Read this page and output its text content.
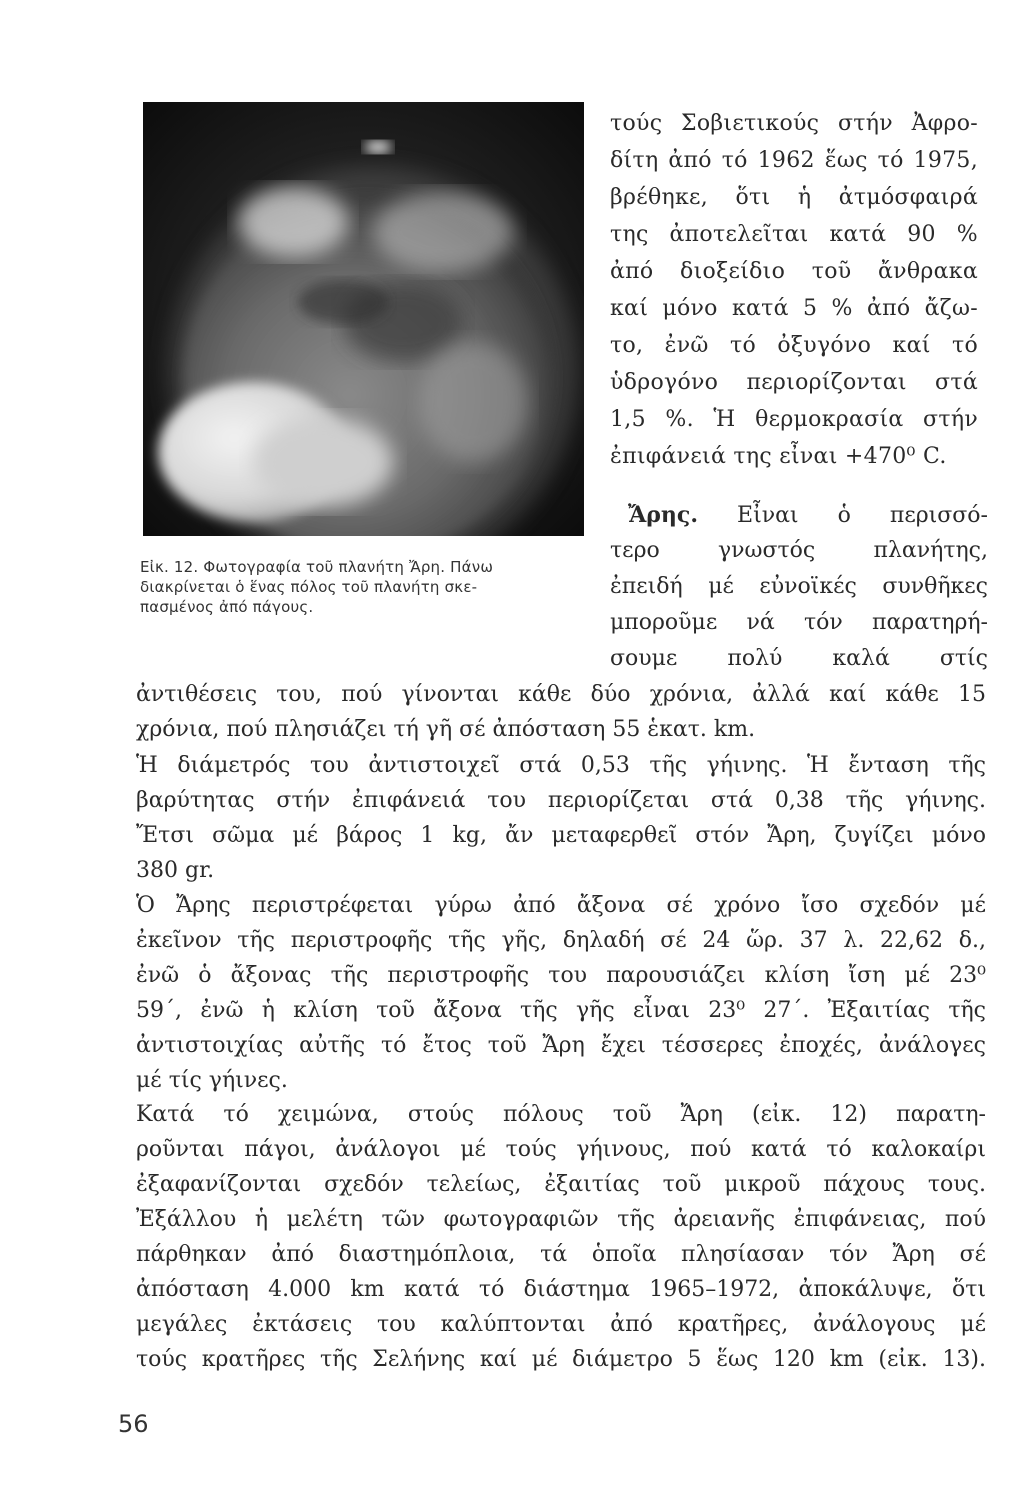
Εἰκ. 12. Φωτογραφία τοῦ πλανήτη Ἄρη. Πάνω
διακρίνεται ὁ ἕνας πόλος τοῦ πλανήτη σκε-
πασμένος ἀπό πάγους.
τούς Σοβιετικούς στήν Ἀφρο-
δίτη ἀπό τό 1962 ἕως τό 1975,
βρέθηκε, ὅτι ἡ ἀτμόσφαιρά
της ἀποτελεῖται κατά 90 %
ἀπό διοξείδιο τοῦ ἄνθρακα
καί μόνο κατά 5 % ἀπό ἄζω-
το, ἐνῶ τό ὀξυγόνο καί τό
ὑδρογόνο περιορίζονται στά
1,5 %. Ἡ θερμοκρασία στήν
ἐπιφάνειά της εἶναι +470⁰ C.
Ἄρης. Εἶναι ὁ περισσό-
τερο γνωστός πλανήτης,
ἐπειδή μέ εὐνοϊκές συνθῆκες
μποροῦμε νά τόν παρατηρή-
σουμε πολύ καλά στίς
ἀντιθέσεις του, πού γίνονται κάθε δύο χρόνια, ἀλλά καί κάθε 15
χρόνια, πού πλησιάζει τή γῆ σέ ἀπόσταση 55 ἑκατ. km.
Ἡ διάμετρός του ἀντιστοιχεῖ στά 0,53 τῆς γήινης. Ἡ ἔνταση τῆς
βαρύτητας στήν ἐπιφάνειά του περιορίζεται στά 0,38 τῆς γήινης.
Ἔτσι σῶμα μέ βάρος 1 kg, ἄν μεταφερθεῖ στόν Ἄρη, ζυγίζει μόνο
380 gr.
Ὁ Ἄρης περιστρέφεται γύρω ἀπό ἄξονα σέ χρόνο ἴσο σχεδόν μέ
ἐκεῖνον τῆς περιστροφῆς τῆς γῆς, δηλαδή σέ 24 ὥρ. 37 λ. 22,62 δ.,
ἐνῶ ὁ ἄξονας τῆς περιστροφῆς του παρουσιάζει κλίση ἴση μέ 23⁰
59΄, ἐνῶ ἡ κλίση τοῦ ἄξονα τῆς γῆς εἶναι 23⁰ 27΄. Ἐξαιτίας τῆς
ἀντιστοιχίας αὐτῆς τό ἔτος τοῦ Ἄρη ἔχει τέσσερες ἐποχές, ἀνάλογες
μέ τίς γήινες.
Κατά τό χειμώνα, στούς πόλους τοῦ Ἄρη (εἰκ. 12) παρατη-
ροῦνται πάγοι, ἀνάλογοι μέ τούς γήινους, πού κατά τό καλοκαίρι
ἐξαφανίζονται σχεδόν τελείως, ἐξαιτίας τοῦ μικροῦ πάχους τους.
Ἐξάλλου ἡ μελέτη τῶν φωτογραφιῶν τῆς ἀρειανῆς ἐπιφάνειας, πού
πάρθηκαν ἀπό διαστημόπλοια, τά ὁποῖα πλησίασαν τόν Ἄρη σέ
ἀπόσταση 4.000 km κατά τό διάστημα 1965–1972, ἀποκάλυψε, ὅτι
μεγάλες ἐκτάσεις του καλύπτονται ἀπό κρατῆρες, ἀνάλογους μέ
τούς κρατῆρες τῆς Σελήνης καί μέ διάμετρο 5 ἕως 120 km (εἰκ. 13).
56
